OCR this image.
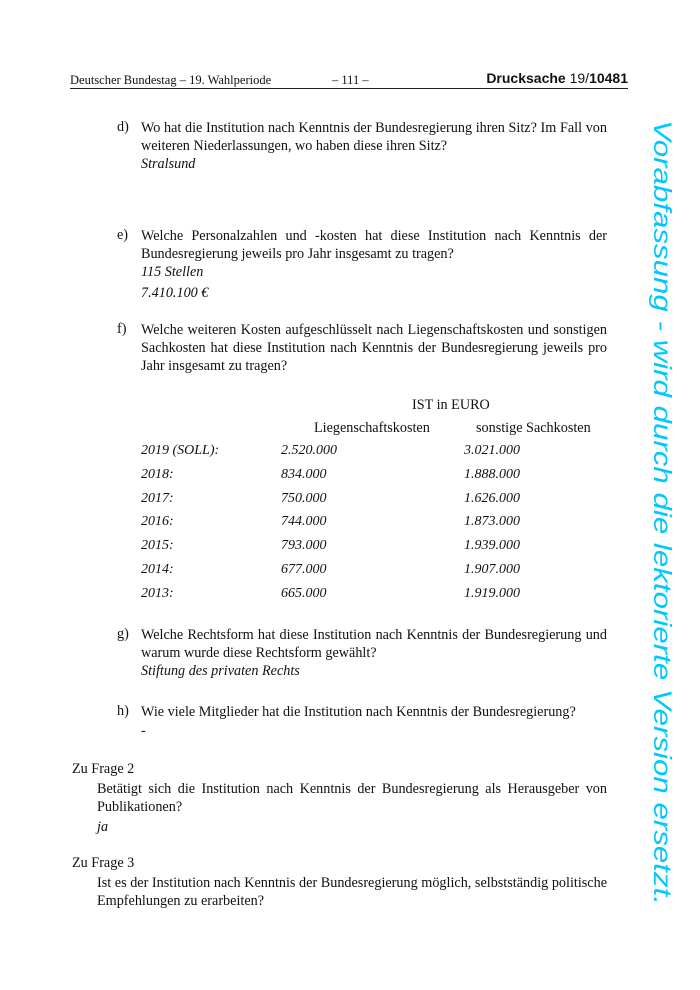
Deutscher Bundestag – 19. Wahlperiode	– 111 –	Drucksache 19/10481
d) Wo hat die Institution nach Kenntnis der Bundesregierung ihren Sitz? Im Fall von weiteren Niederlassungen, wo haben diese ihren Sitz?
Stralsund
e) Welche Personalzahlen und -kosten hat diese Institution nach Kenntnis der Bundesregierung jeweils pro Jahr insgesamt zu tragen?
115 Stellen
7.410.100 €
f) Welche weiteren Kosten aufgeschlüsselt nach Liegenschaftskosten und sonstigen Sachkosten hat diese Institution nach Kenntnis der Bundesregierung jeweils pro Jahr insgesamt zu tragen?
IST in EURO
Liegenschaftskosten	sonstige Sachkosten
2019 (SOLL):	2.520.000	3.021.000
2018:	834.000	1.888.000
2017:	750.000	1.626.000
2016:	744.000	1.873.000
2015:	793.000	1.939.000
2014:	677.000	1.907.000
2013:	665.000	1.919.000
g) Welche Rechtsform hat diese Institution nach Kenntnis der Bundesregierung und warum wurde diese Rechtsform gewählt?
Stiftung des privaten Rechts
h) Wie viele Mitglieder hat die Institution nach Kenntnis der Bundesregierung?
-
Zu Frage 2
Betätigt sich die Institution nach Kenntnis der Bundesregierung als Herausgeber von Publikationen?
ja
Zu Frage 3
Ist es der Institution nach Kenntnis der Bundesregierung möglich, selbstständig politische Empfehlungen zu erarbeiten?
Vorabfassung - wird durch die lektorierte Version ersetzt.
